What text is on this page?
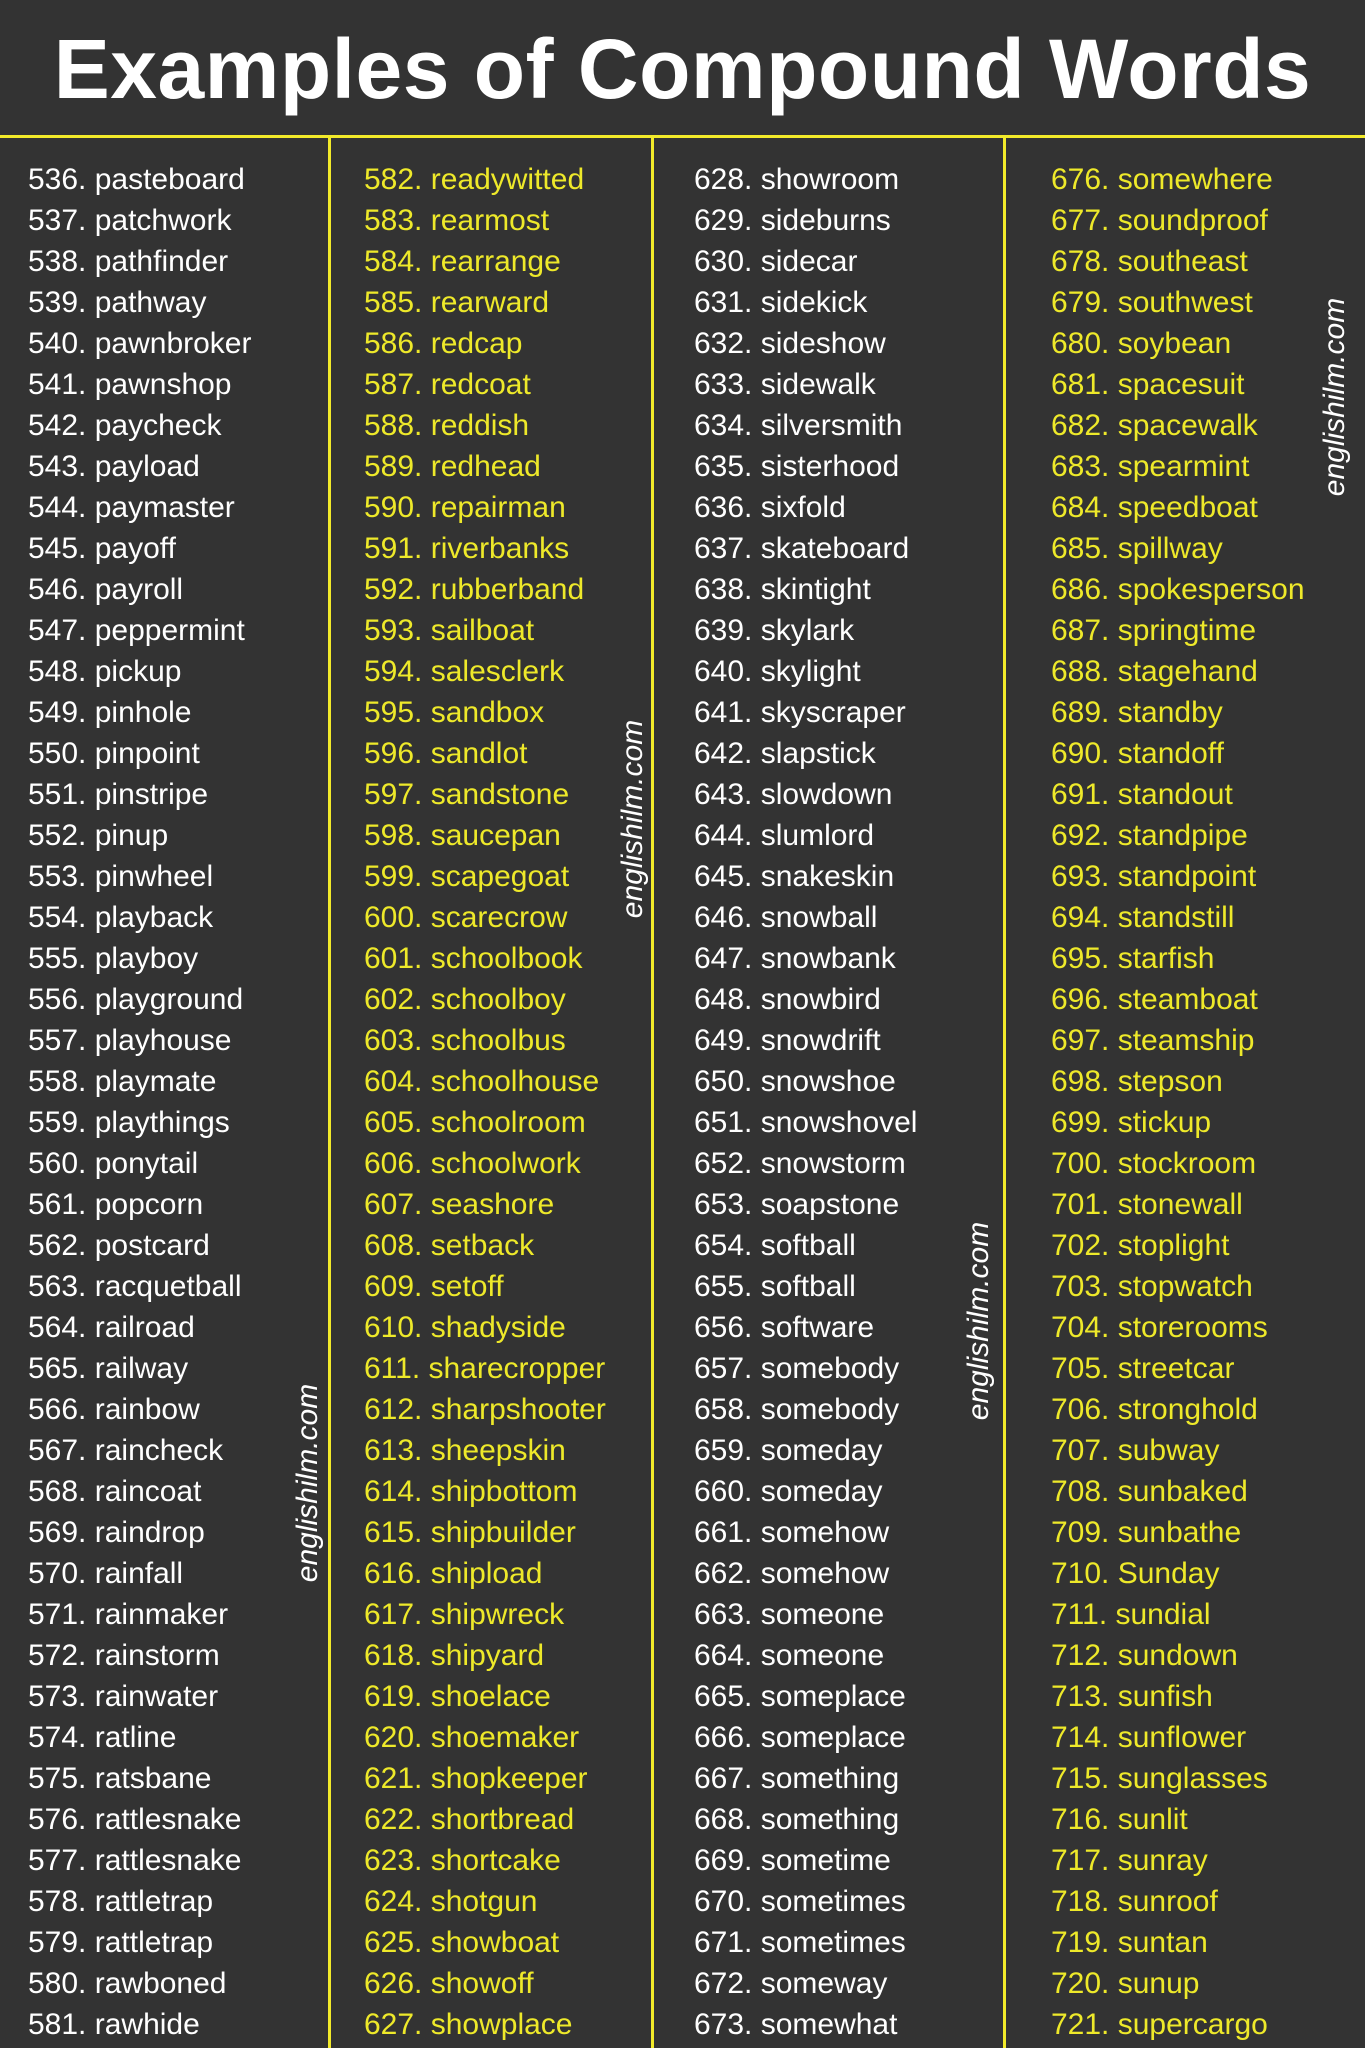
Examples of Compound Words
536. pasteboard
537. patchwork
538. pathfinder
539. pathway
540. pawnbroker
541. pawnshop
542. paycheck
543. payload
544. paymaster
545. payoff
546. payroll
547. peppermint
548. pickup
549. pinhole
550. pinpoint
551. pinstripe
552. pinup
553. pinwheel
554. playback
555. playboy
556. playground
557. playhouse
558. playmate
559. playthings
560. ponytail
561. popcorn
562. postcard
563. racquetball
564. railroad
565. railway
566. rainbow
567. raincheck
568. raincoat
569. raindrop
570. rainfall
571. rainmaker
572. rainstorm
573. rainwater
574. ratline
575. ratsbane
576. rattlesnake
577. rattlesnake
578. rattletrap
579. rattletrap
580. rawboned
581. rawhide
582. readywitted
583. rearmost
584. rearrange
585. rearward
586. redcap
587. redcoat
588. reddish
589. redhead
590. repairman
591. riverbanks
592. rubberband
593. sailboat
594. salesclerk
595. sandbox
596. sandlot
597. sandstone
598. saucepan
599. scapegoat
600. scarecrow
601. schoolbook
602. schoolboy
603. schoolbus
604. schoolhouse
605. schoolroom
606. schoolwork
607. seashore
608. setback
609. setoff
610. shadyside
611. sharecropper
612. sharpshooter
613. sheepskin
614. shipbottom
615. shipbuilder
616. shipload
617. shipwreck
618. shipyard
619. shoelace
620. shoemaker
621. shopkeeper
622. shortbread
623. shortcake
624. shotgun
625. showboat
626. showoff
627. showplace
628. showroom
629. sideburns
630. sidecar
631. sidekick
632. sideshow
633. sidewalk
634. silversmith
635. sisterhood
636. sixfold
637. skateboard
638. skintight
639. skylark
640. skylight
641. skyscraper
642. slapstick
643. slowdown
644. slumlord
645. snakeskin
646. snowball
647. snowbank
648. snowbird
649. snowdrift
650. snowshoe
651. snowshovel
652. snowstorm
653. soapstone
654. softball
655. softball
656. software
657. somebody
658. somebody
659. someday
660. someday
661. somehow
662. somehow
663. someone
664. someone
665. someplace
666. someplace
667. something
668. something
669. sometime
670. sometimes
671. sometimes
672. someway
673. somewhat
676. somewhere
677. soundproof
678. southeast
679. southwest
680. soybean
681. spacesuit
682. spacewalk
683. spearmint
684. speedboat
685. spillway
686. spokesperson
687. springtime
688. stagehand
689. standby
690. standoff
691. standout
692. standpipe
693. standpoint
694. standstill
695. starfish
696. steamboat
697. steamship
698. stepson
699. stickup
700. stockroom
701. stonewall
702. stoplight
703. stopwatch
704. storerooms
705. streetcar
706. stronghold
707. subway
708. sunbaked
709. sunbathe
710. Sunday
711. sundial
712. sundown
713. sunfish
714. sunflower
715. sunglasses
716. sunlit
717. sunray
718. sunroof
719. suntan
720. sunup
721. supercargo
englishilm.com
englishilm.com
englishilm.com
englishilm.com
